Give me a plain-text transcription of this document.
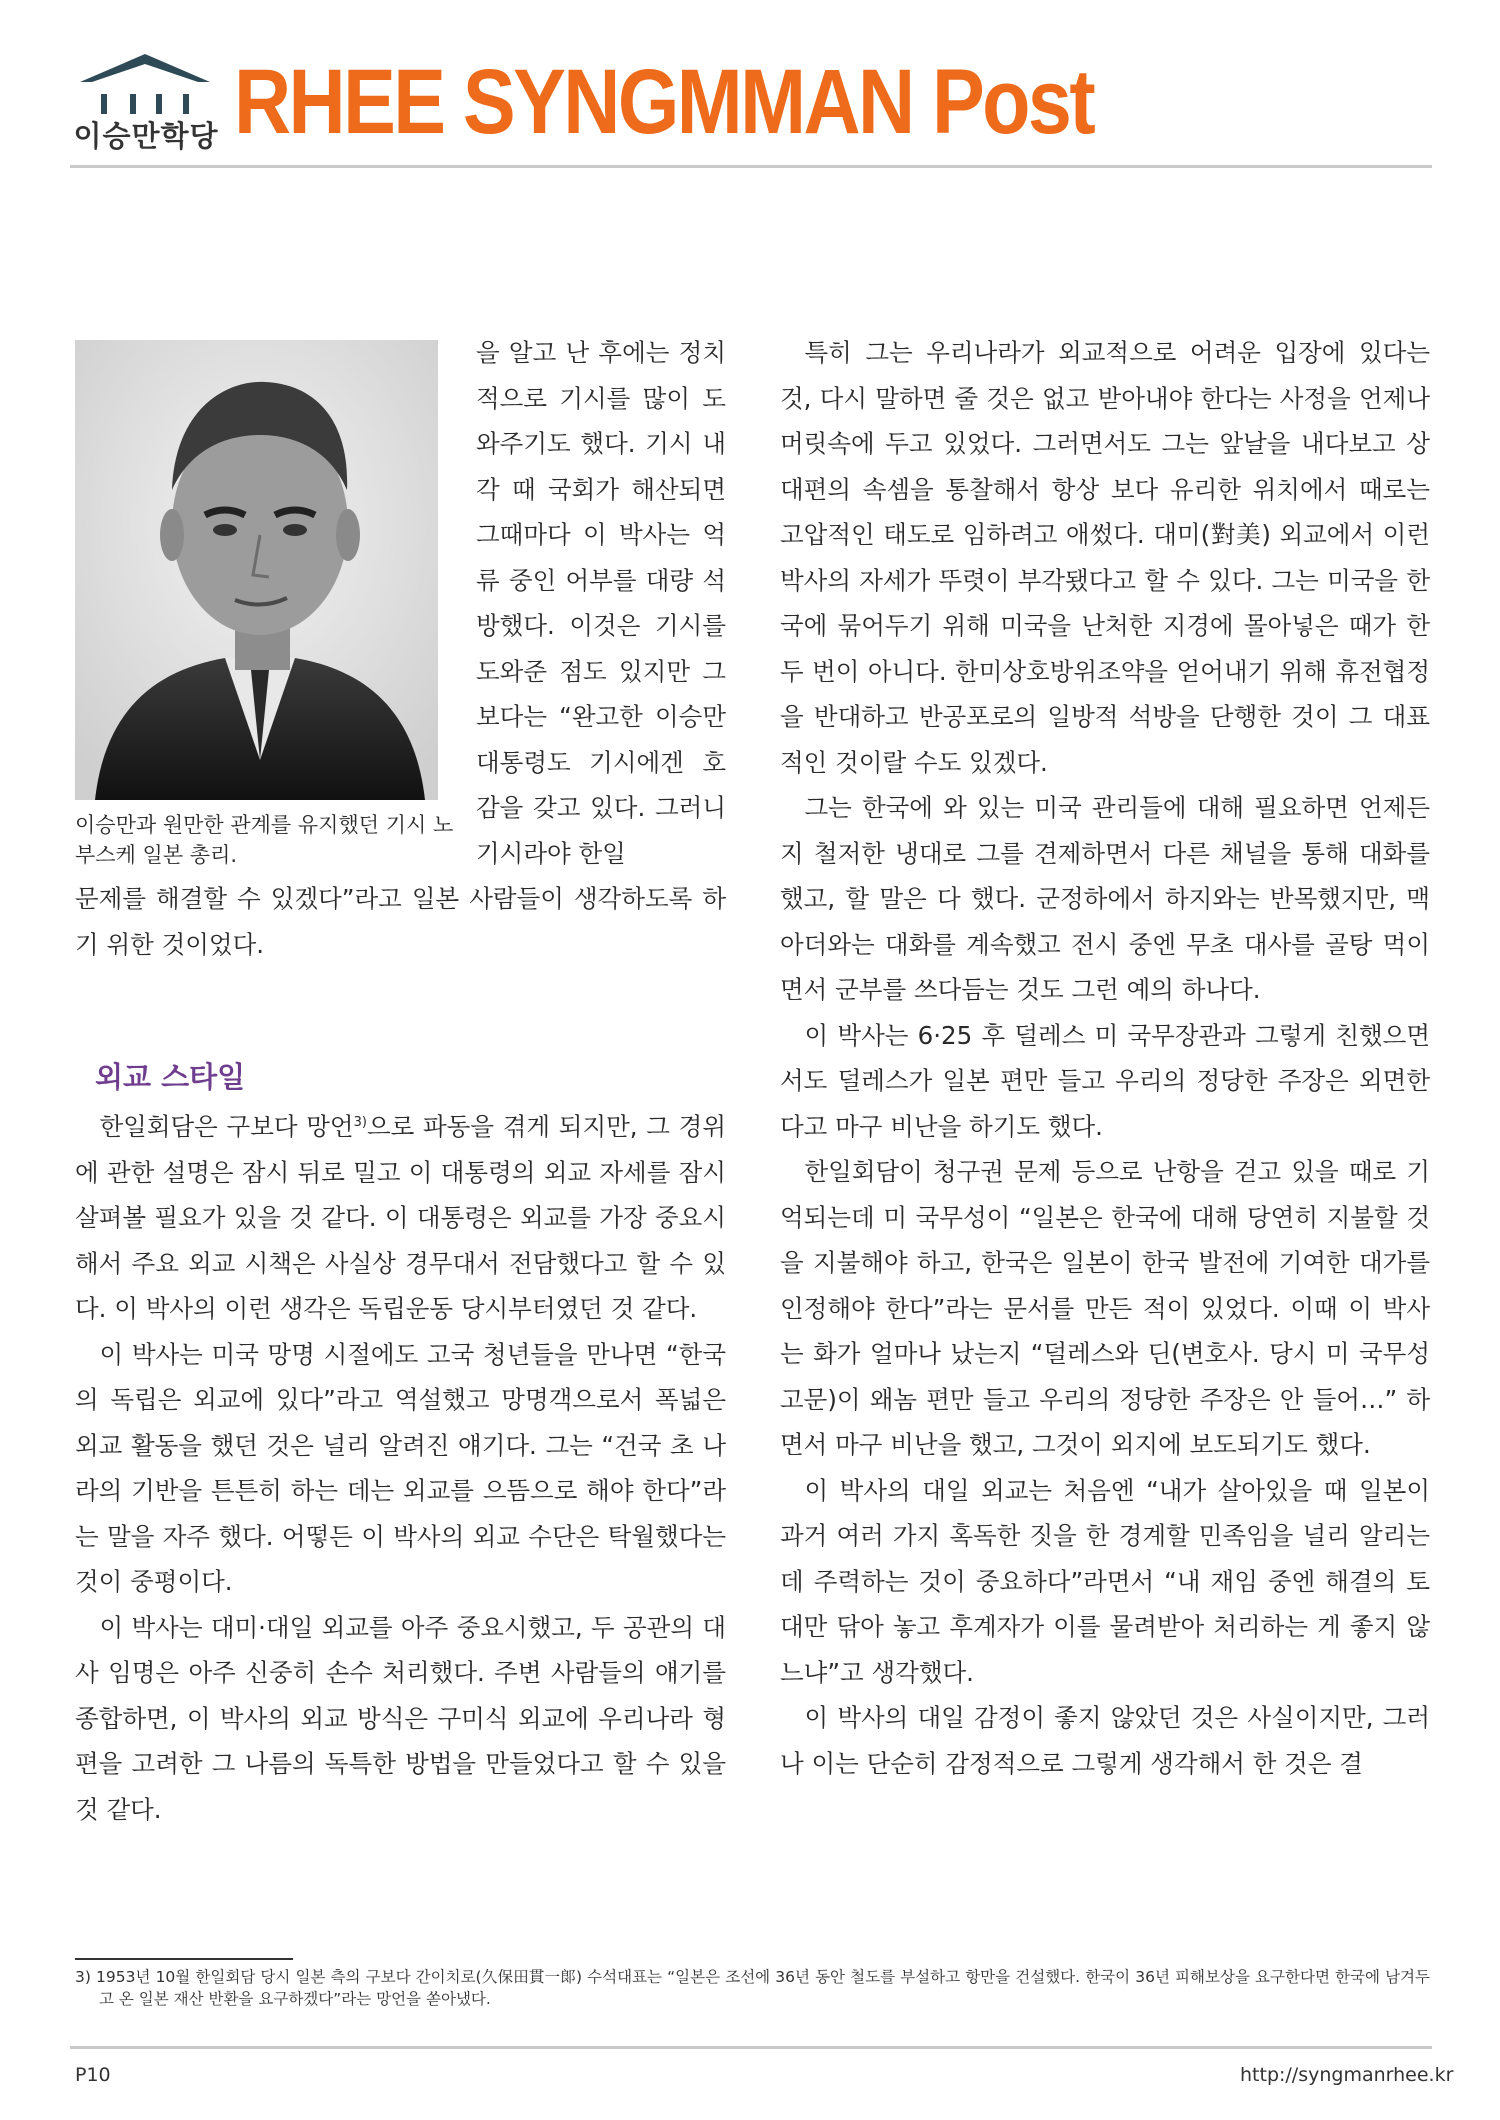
이승만학당 RHEE SYNGMMAN Post
이승만과 원만한 관계를 유지했던 기시 노부스케 일본 총리.

을 알고 난 후에는 정치적으로 기시를 많이 도와주기도 했다. 기시 내각 때 국회가 해산되면 그때마다 이 박사는 억류 중인 어부를 대량 석방했다. 이것은 기시를 도와준 점도 있지만 그보다는 “완고한 이승만 대통령도 기시에겐 호감을 갖고 있다. 그러니 기시라야 한일

문제를 해결할 수 있겠다”라고 일본 사람들이 생각하도록 하기 위한 것이었다.

외교 스타일

한일회담은 구보다 망언$^{3)}$으로 파동을 겪게 되지만, 그 경위에 관한 설명은 잠시 뒤로 밀고 이 대통령의 외교 자세를 잠시 살펴볼 필요가 있을 것 같다. 이 대통령은 외교를 가장 중요시해서 주요 외교 시책은 사실상 경무대서 전담했다고 할 수 있다. 이 박사의 이런 생각은 독립운동 당시부터였던 것 같다.

이 박사는 미국 망명 시절에도 고국 청년들을 만나면 “한국의 독립은 외교에 있다”라고 역설했고 망명객으로서 폭넓은 외교 활동을 했던 것은 널리 알려진 얘기다. 그는 “건국 초 나라의 기반을 튼튼히 하는 데는 외교를 으뜸으로 해야 한다”라는 말을 자주 했다. 어떻든 이 박사의 외교 수단은 탁월했다는 것이 중평이다.

이 박사는 대미·대일 외교를 아주 중요시했고, 두 공관의 대사 임명은 아주 신중히 손수 처리했다. 주변 사람들의 얘기를 종합하면, 이 박사의 외교 방식은 구미식 외교에 우리나라 형편을 고려한 그 나름의 독특한 방법을 만들었다고 할 수 있을 것 같다.

특히 그는 우리나라가 외교적으로 어려운 입장에 있다는 것, 다시 말하면 줄 것은 없고 받아내야 한다는 사정을 언제나 머릿속에 두고 있었다. 그러면서도 그는 앞날을 내다보고 상대편의 속셈을 통찰해서 항상 보다 유리한 위치에서 때로는 고압적인 태도로 임하려고 애썼다. 대미(對美) 외교에서 이런 박사의 자세가 뚜렷이 부각됐다고 할 수 있다. 그는 미국을 한국에 묶어두기 위해 미국을 난처한 지경에 몰아넣은 때가 한두 번이 아니다. 한미상호방위조약을 얻어내기 위해 휴전협정을 반대하고 반공포로의 일방적 석방을 단행한 것이 그 대표적인 것이랄 수도 있겠다.

그는 한국에 와 있는 미국 관리들에 대해 필요하면 언제든지 철저한 냉대로 그를 견제하면서 다른 채널을 통해 대화를 했고, 할 말은 다 했다. 군정하에서 하지와는 반목했지만, 맥아더와는 대화를 계속했고 전시 중엔 무초 대사를 골탕 먹이면서 군부를 쓰다듬는 것도 그런 예의 하나다.

이 박사는 6·25 후 덜레스 미 국무장관과 그렇게 친했으면서도 덜레스가 일본 편만 들고 우리의 정당한 주장은 외면한다고 마구 비난을 하기도 했다.

한일회담이 청구권 문제 등으로 난항을 걷고 있을 때로 기억되는데 미 국무성이 “일본은 한국에 대해 당연히 지불할 것을 지불해야 하고, 한국은 일본이 한국 발전에 기여한 대가를 인정해야 한다”라는 문서를 만든 적이 있었다. 이때 이 박사는 화가 얼마나 났는지 “덜레스와 딘(변호사. 당시 미 국무성 고문)이 왜놈 편만 들고 우리의 정당한 주장은 안 들어…” 하면서 마구 비난을 했고, 그것이 외지에 보도되기도 했다.

이 박사의 대일 외교는 처음엔 “내가 살아있을 때 일본이 과거 여러 가지 혹독한 짓을 한 경계할 민족임을 널리 알리는데 주력하는 것이 중요하다”라면서 “내 재임 중엔 해결의 토대만 닦아 놓고 후계자가 이를 물려받아 처리하는 게 좋지 않느냐”고 생각했다.

이 박사의 대일 감정이 좋지 않았던 것은 사실이지만, 그러나 이는 단순히 감정적으로 그렇게 생각해서 한 것은 결

3) 1953년 10월 한일회담 당시 일본 측의 구보다 간이치로(久保田貫一郞) 수석대표는 “일본은 조선에 36년 동안 철도를 부설하고 항만을 건설했다. 한국이 36년 피해보상을 요구한다면 한국에 남겨두고 온 일본 재산 반환을 요구하겠다”라는 망언을 쏟아냈다.
P10	http://syngmanrhee.kr
